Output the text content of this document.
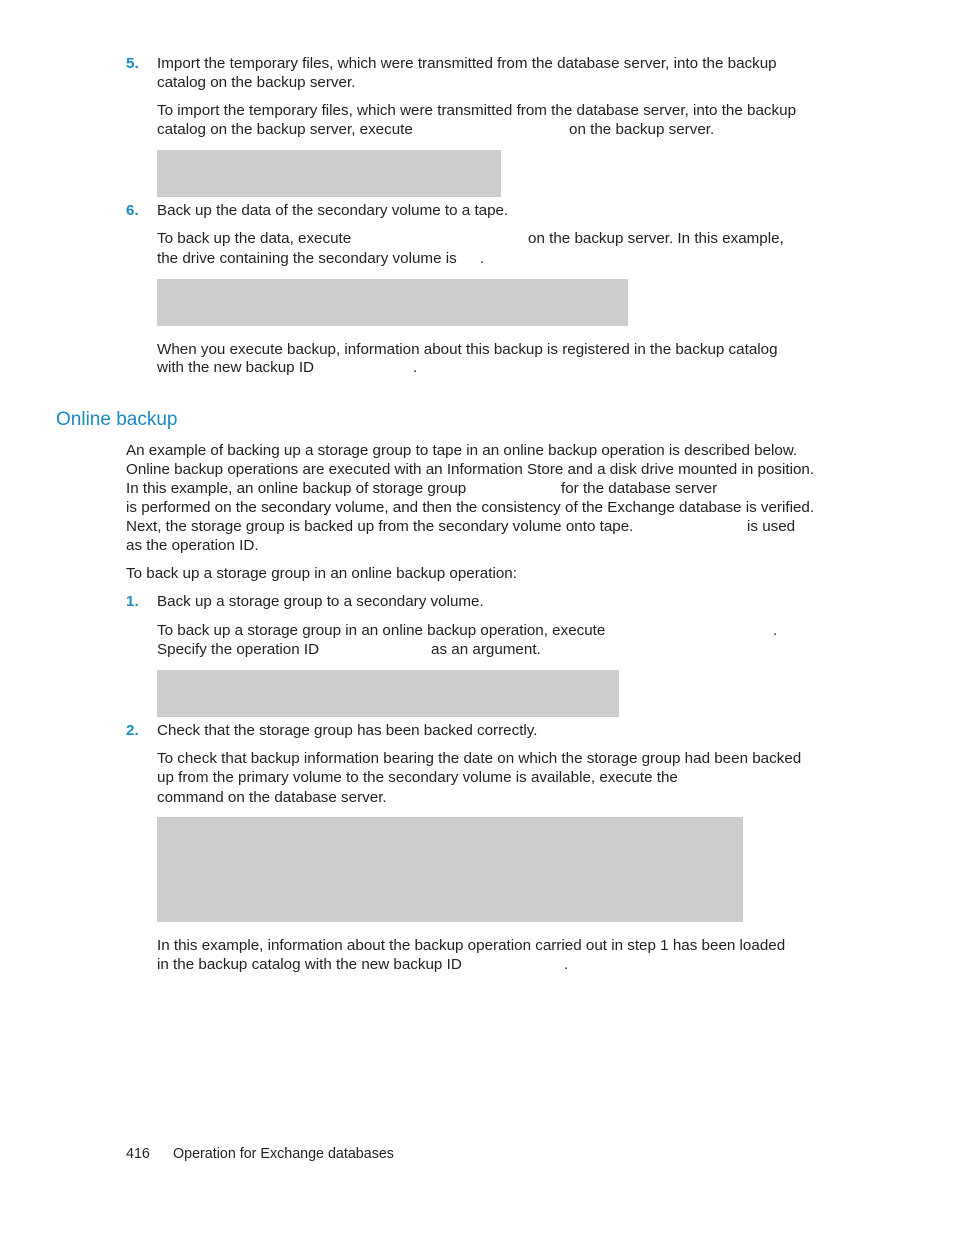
5. Import the temporary files, which were transmitted from the database server, into the backup
catalog on the backup server.
To import the temporary files, which were transmitted from the database server, into the backup
catalog on the backup server, execute	on the backup server.
6. Back up the data of the secondary volume to a tape.
To back up the data, execute	on the backup server. In this example,
the drive containing the secondary volume is .
When you execute backup, information about this backup is registered in the backup catalog
with the new backup ID	.
Online backup
An example of backing up a storage group to tape in an online backup operation is described below.
Online backup operations are executed with an Information Store and a disk drive mounted in position.
In this example, an online backup of storage group	for the database server
is performed on the secondary volume, and then the consistency of the Exchange database is verified.
Next, the storage group is backed up from the secondary volume onto tape.	is used
as the operation ID.
To back up a storage group in an online backup operation:
1. Back up a storage group to a secondary volume.
To back up a storage group in an online backup operation, execute	.
Specify the operation ID	as an argument.
2. Check that the storage group has been backed correctly.
To check that backup information bearing the date on which the storage group had been backed
up from the primary volume to the secondary volume is available, execute the
command on the database server.
In this example, information about the backup operation carried out in step 1 has been loaded
in the backup catalog with the new backup ID	.
416 Operation for Exchange databases
